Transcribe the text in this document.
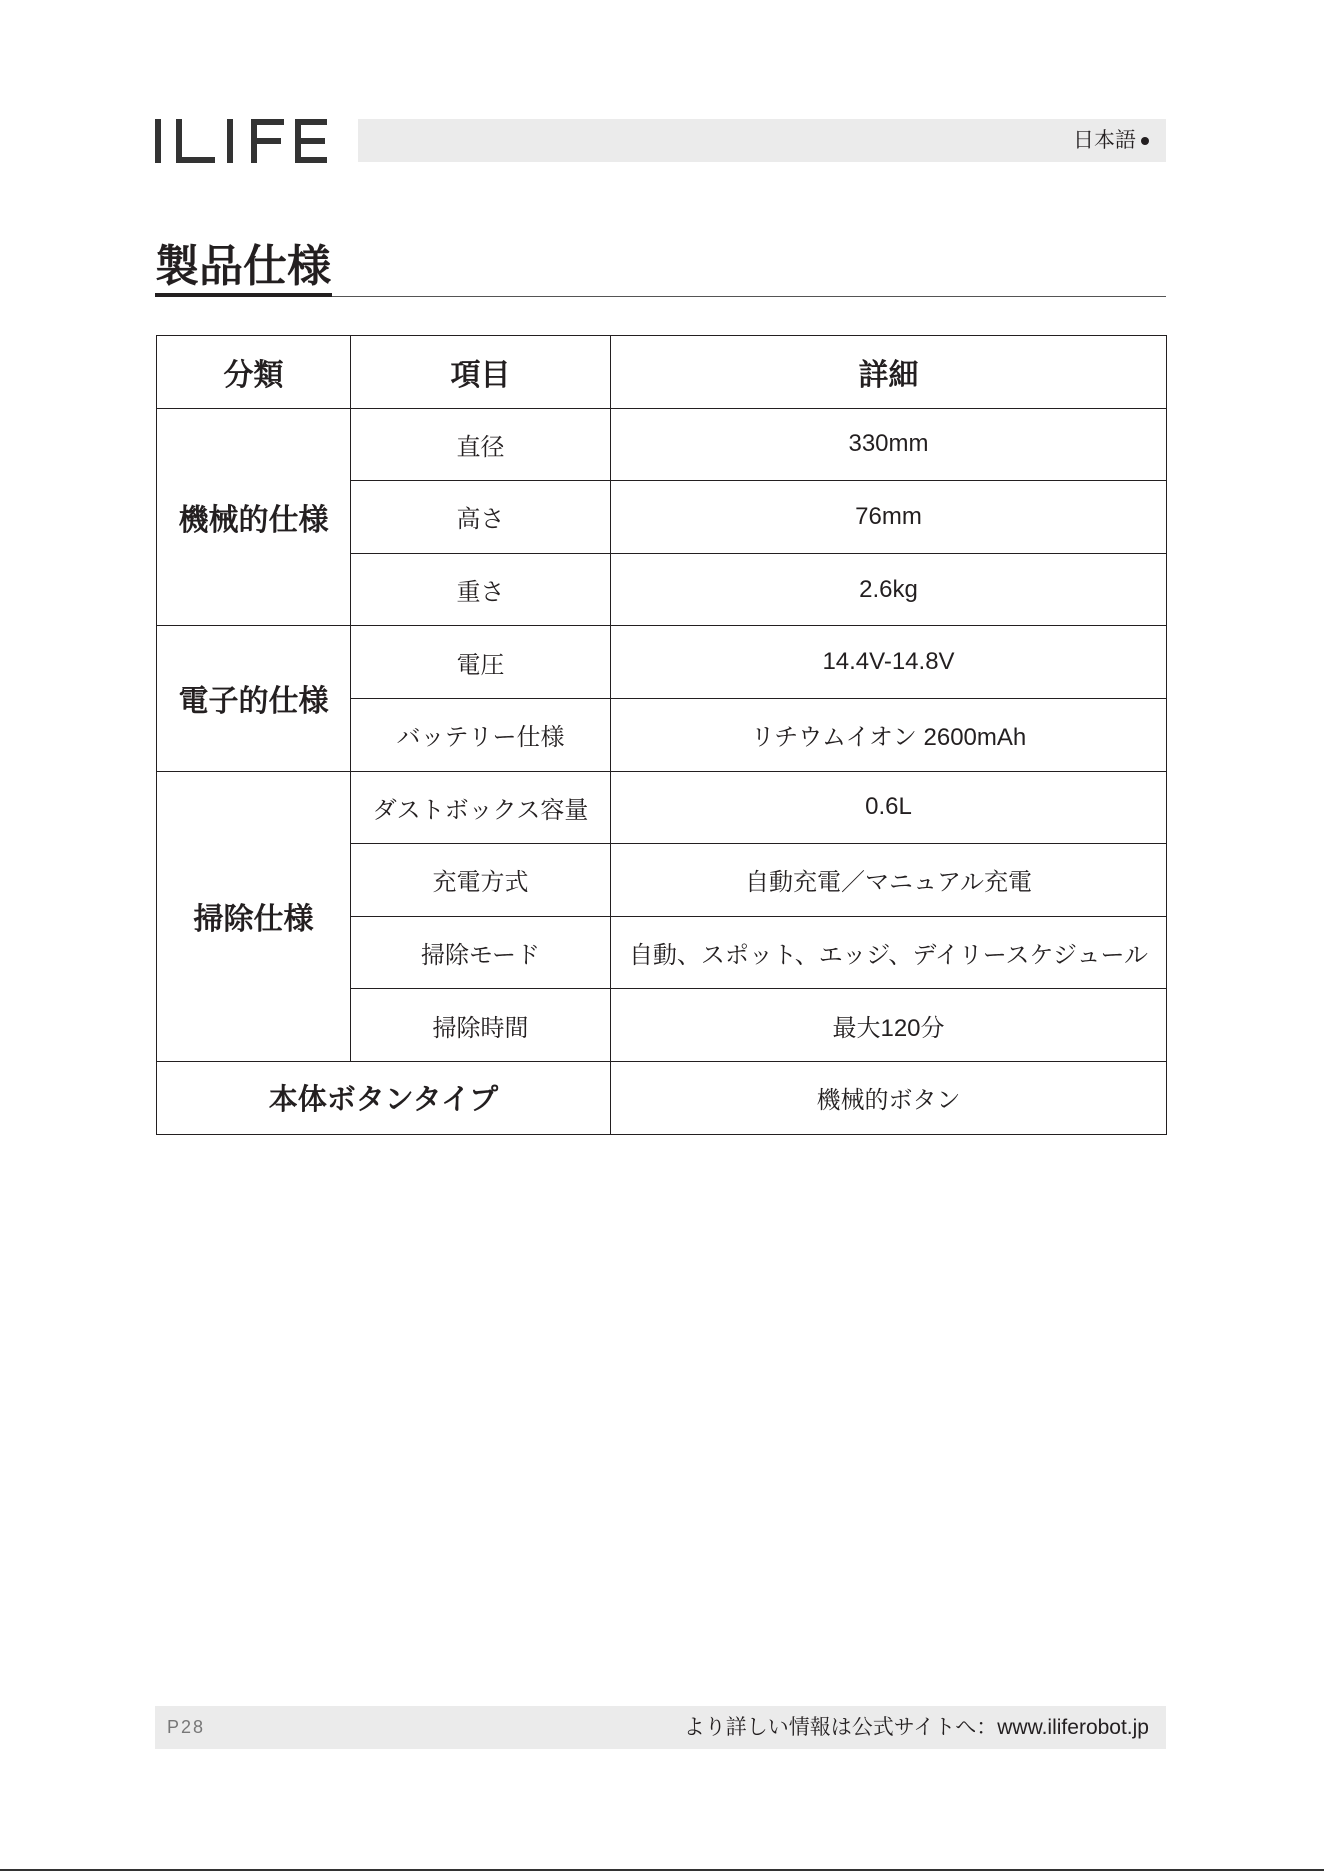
日本語
製品仕様
分類	項目	詳細
機械的仕様	直径	330mm
	高さ	76mm
	重さ	2.6kg
電子的仕様	電圧	14.4V-14.8V
	バッテリー仕様	リチウムイオン 2600mAh
掃除仕様	ダストボックス容量	0.6L
	充電方式	自動充電／マニュアル充電
	掃除モード	自動、スポット、エッジ、デイリースケジュール
	掃除時間	最大120分
本体ボタンタイプ		機械的ボタン
P28	より詳しい情報は公式サイトへ：www.iliferobot.jp
